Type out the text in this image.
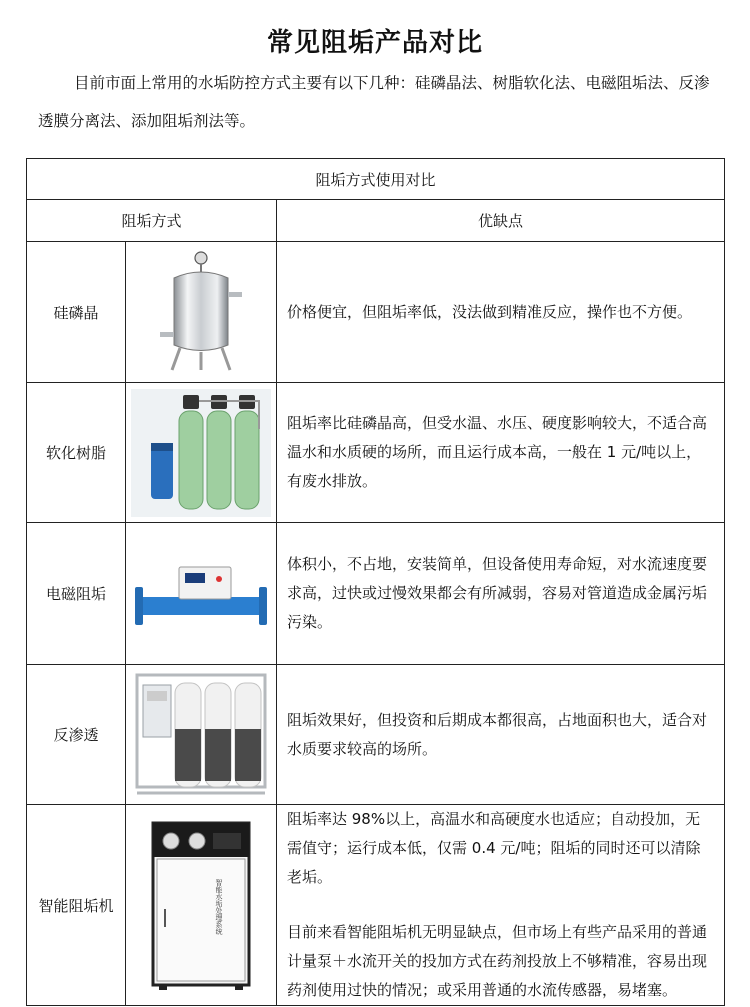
常见阻垢产品对比
目前市面上常用的水垢防控方式主要有以下几种：硅磷晶法、树脂软化法、电磁阻垢法、反渗透膜分离法、添加阻垢剂法等。
阻垢方式使用对比		
阻垢方式		优缺点
硅磷晶		价格便宜，但阻垢率低，没法做到精准反应，操作也不方便。

软化树脂		阻垢率比硅磷晶高，但受水温、水压、硬度影响较大，不适合高温水和水质硬的场所，而且运行成本高，一般在 1 元/吨以上，有废水排放。

电磁阻垢		体积小，不占地，安装简单，但设备使用寿命短，对水流速度要求高，过快或过慢效果都会有所减弱，容易对管道造成金属污垢污染。

反渗透		阻垢效果好，但投资和后期成本都很高，占地面积也大，适合对水质要求较高的场所。

智能阻垢机	智能水垢处理系统	阻垢率达 98%以上，高温水和高硬度水也适应；自动投加，无需值守；运行成本低，仅需 0.4 元/吨；阻垢的同时还可以清除老垢。

目前来看智能阻垢机无明显缺点，但市场上有些产品采用的普通计量泵＋水流开关的投加方式在药剂投放上不够精准，容易出现药剂使用过快的情况；或采用普通的水流传感器，易堵塞。
